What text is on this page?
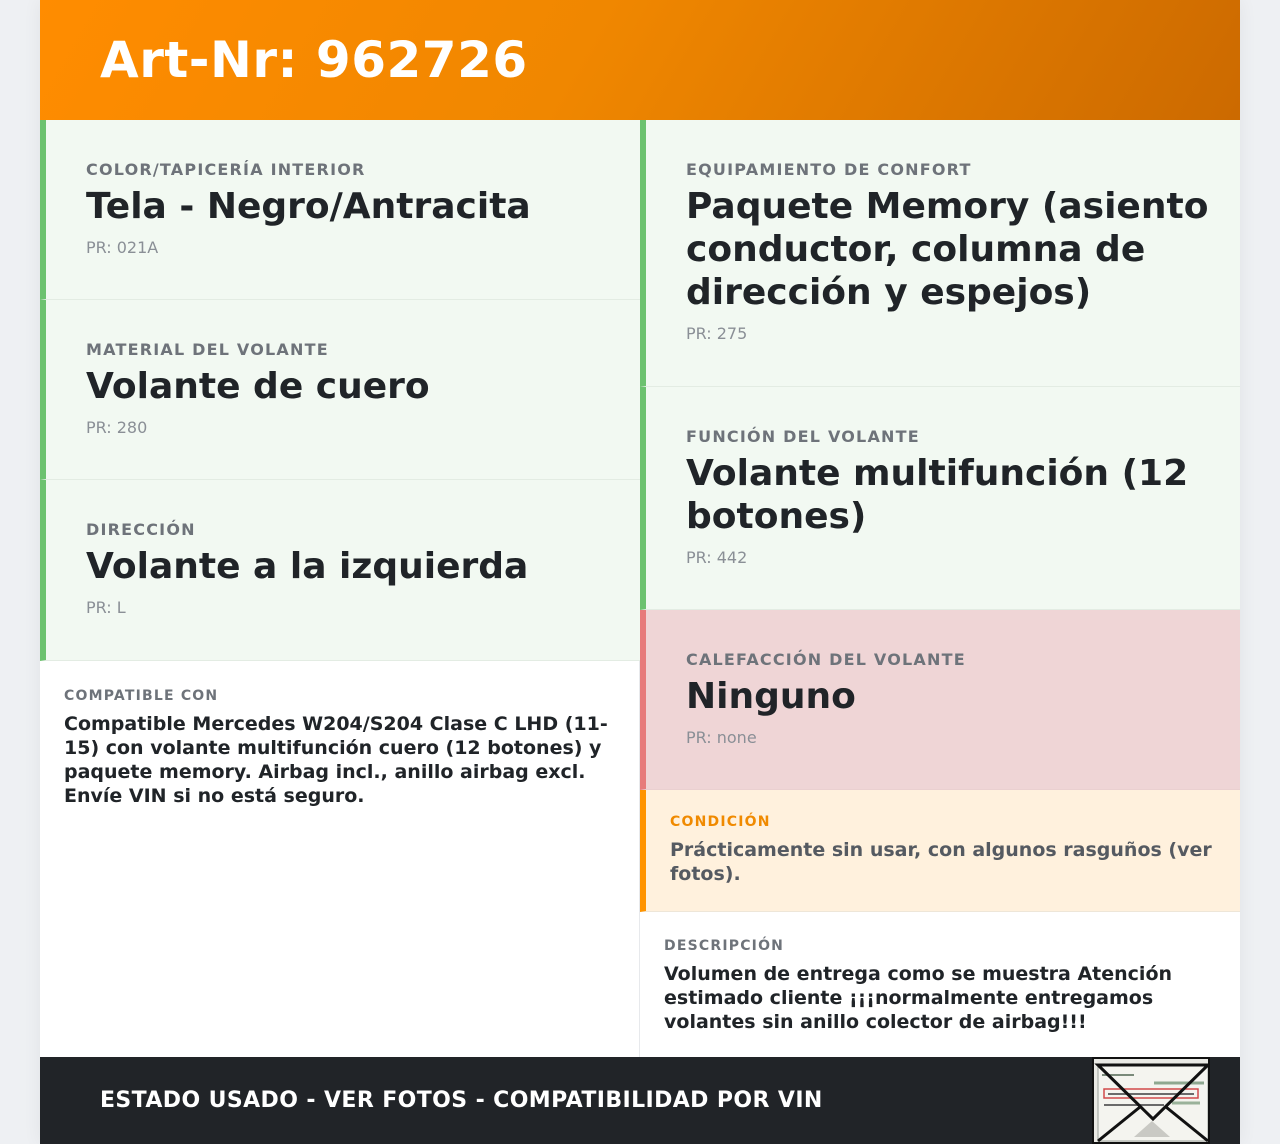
Art-Nr: 962726
COLOR/TAPICERÍA INTERIOR
Tela - Negro/Antracita
PR: 021A
MATERIAL DEL VOLANTE
Volante de cuero
PR: 280
DIRECCIÓN
Volante a la izquierda
PR: L
COMPATIBLE CON
Compatible Mercedes W204/S204 Clase C LHD (11-15) con volante multifunción cuero (12 botones) y paquete memory. Airbag incl., anillo airbag excl. Envíe VIN si no está seguro.
EQUIPAMIENTO DE CONFORT
Paquete Memory (asiento conductor, columna de dirección y espejos)
PR: 275
FUNCIÓN DEL VOLANTE
Volante multifunción (12 botones)
PR: 442
CALEFACCIÓN DEL VOLANTE
Ninguno
PR: none
CONDICIÓN
Prácticamente sin usar, con algunos rasguños (ver fotos).
DESCRIPCIÓN
Volumen de entrega como se muestra Atención estimado cliente ¡¡¡normalmente entregamos volantes sin anillo colector de airbag!!!
ESTADO USADO - VER FOTOS - COMPATIBILIDAD POR VIN
